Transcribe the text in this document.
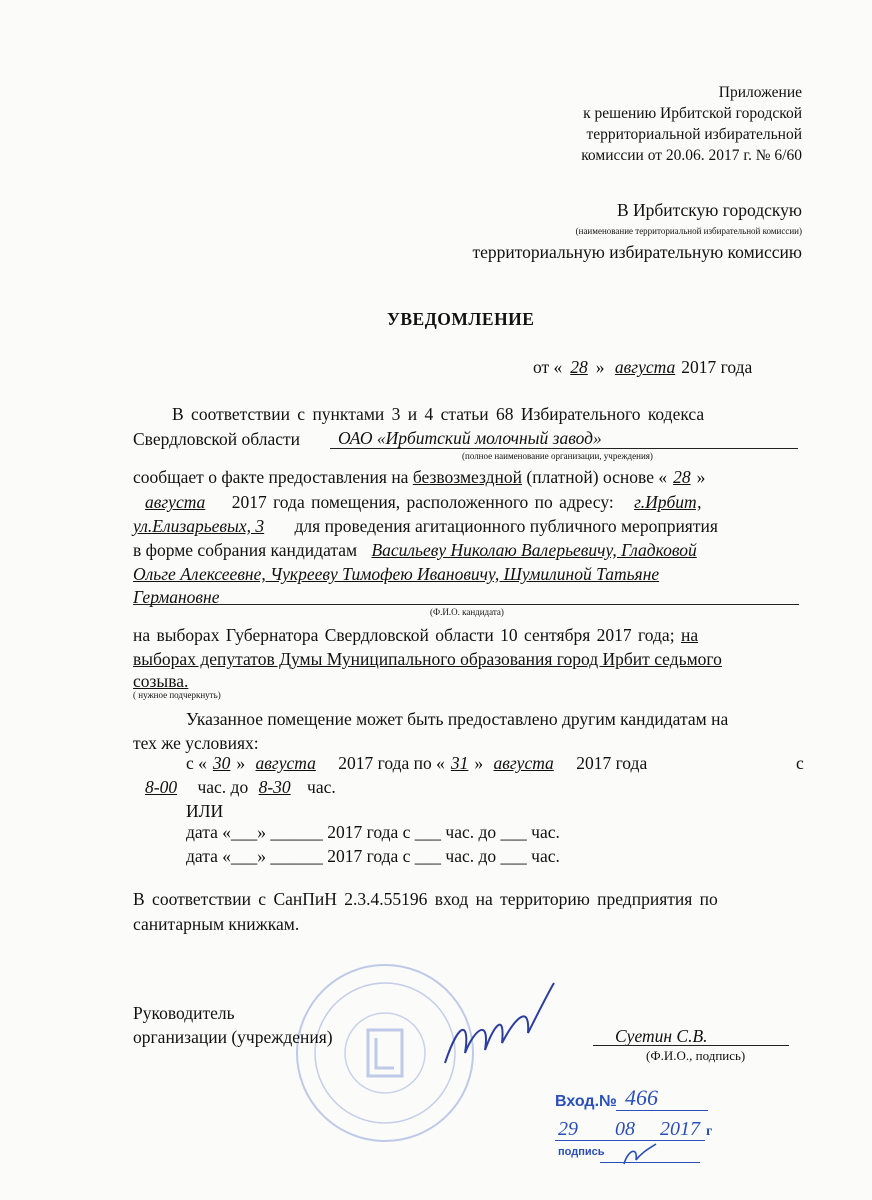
Приложение
к решению Ирбитской городской
территориальной избирательной
комиссии от 20.06. 2017 г. № 6/60
В Ирбитскую городскую
(наименование территориальной избирательной комиссии)
территориальную избирательную комиссию
УВЕДОМЛЕНИЕ
от « 28 » августа 2017 года
В соответствии с пунктами 3 и 4 статьи 68 Избирательного кодекса
Свердловской области ОАО «Ирбитский молочный завод»
(полное наименование организации, учреждения)
сообщает о факте предоставления на безвозмездной (платной) основе « 28 »
августа 2017 года помещения, расположенного по адресу: г.Ирбит,
ул.Елизарьевых, 3 для проведения агитационного публичного мероприятия
в форме собрания кандидатам Васильеву Николаю Валерьевичу, Гладковой
Ольге Алексеевне, Чукрееву Тимофею Ивановичу, Шумилиной Татьяне
Германовне
(Ф.И.О. кандидата)
на выборах Губернатора Свердловской области 10 сентября 2017 года; на
выборах депутатов Думы Муниципального образования город Ирбит седьмого
созыва.
( нужное подчеркнуть)
Указанное помещение может быть предоставлено другим кандидатам на
тех же условиях:
с « 30 » августа 2017 года по « 31 » августа 2017 года	с
8-00 час. до 8-30 час.
ИЛИ
дата «___» ______ 2017 года с ___ час. до ___ час.
дата «___» ______ 2017 года с ___ час. до ___ час.
В соответствии с СанПиН 2.3.4.55196 вход на территорию предприятия по
санитарным книжкам.
Руководитель
организации (учреждения)	Суетин С.В.
(Ф.И.О., подпись)
Вход.№ 466
29 08 2017 г
подпись
